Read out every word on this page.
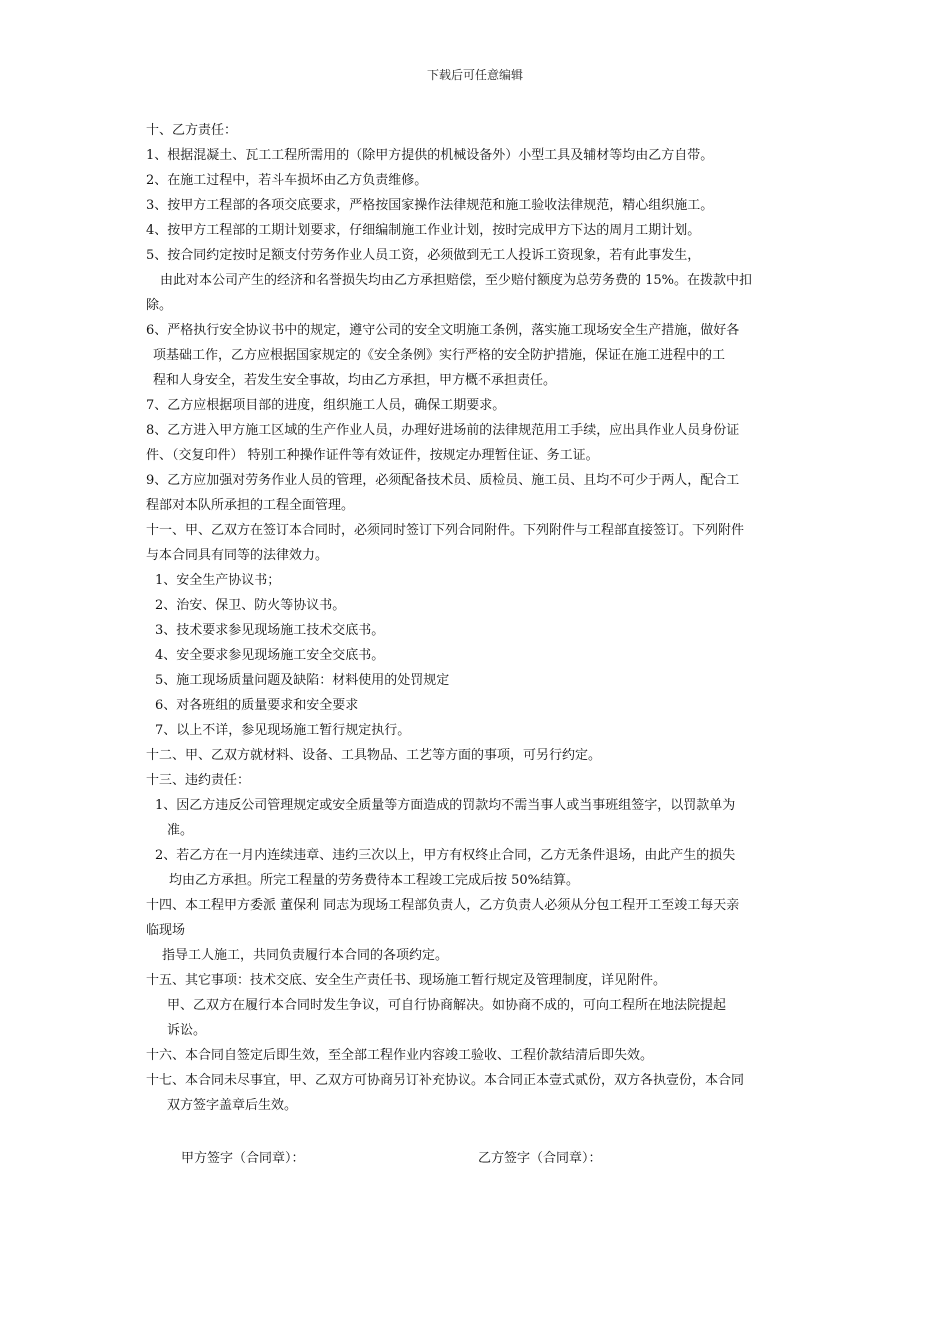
下载后可任意编辑
十、乙方责任：
1、根据混凝土、瓦工工程所需用的（除甲方提供的机械设备外）小型工具及辅材等均由乙方自带。
2、在施工过程中，若斗车损坏由乙方负责维修。
3、按甲方工程部的各项交底要求，严格按国家操作法律规范和施工验收法律规范，精心组织施工。
4、按甲方工程部的工期计划要求，仔细编制施工作业计划，按时完成甲方下达的周月工期计划。
5、按合同约定按时足额支付劳务作业人员工资，必须做到无工人投诉工资现象，若有此事发生，
由此对本公司产生的经济和名誉损失均由乙方承担赔偿，至少赔付额度为总劳务费的 15%。在拨款中扣
除。
6、严格执行安全协议书中的规定，遵守公司的安全文明施工条例，落实施工现场安全生产措施，做好各
项基础工作，乙方应根据国家规定的《安全条例》实行严格的安全防护措施，保证在施工进程中的工
程和人身安全，若发生安全事故，均由乙方承担，甲方概不承担责任。
7、乙方应根据项目部的进度，组织施工人员，确保工期要求。
8、乙方进入甲方施工区域的生产作业人员，办理好进场前的法律规范用工手续，应出具作业人员身份证
件、（交复印件） 特别工种操作证件等有效证件，按规定办理暂住证、务工证。
9、乙方应加强对劳务作业人员的管理，必须配备技术员、质检员、施工员、且均不可少于两人，配合工
程部对本队所承担的工程全面管理。
十一、甲、乙双方在签订本合同时，必须同时签订下列合同附件。下列附件与工程部直接签订。下列附件
与本合同具有同等的法律效力。
1、安全生产协议书；
2、治安、保卫、防火等协议书。
3、技术要求参见现场施工技术交底书。
4、安全要求参见现场施工安全交底书。
5、施工现场质量问题及缺陷：材料使用的处罚规定
6、对各班组的质量要求和安全要求
7、以上不详，参见现场施工暂行规定执行。
十二、甲、乙双方就材料、设备、工具物品、工艺等方面的事项，可另行约定。
十三、违约责任：
1、因乙方违反公司管理规定或安全质量等方面造成的罚款均不需当事人或当事班组签字，以罚款单为
准。
2、若乙方在一月内连续违章、违约三次以上，甲方有权终止合同，乙方无条件退场，由此产生的损失
均由乙方承担。所完工程量的劳务费待本工程竣工完成后按 50%结算。
十四、本工程甲方委派 董保利 同志为现场工程部负责人，乙方负责人必须从分包工程开工至竣工每天亲
临现场
指导工人施工，共同负责履行本合同的各项约定。
十五、其它事项：技术交底、安全生产责任书、现场施工暂行规定及管理制度，详见附件。
甲、乙双方在履行本合同时发生争议，可自行协商解决。如协商不成的，可向工程所在地法院提起
诉讼。
十六、本合同自签定后即生效，至全部工程作业内容竣工验收、工程价款结清后即失效。
十七、本合同未尽事宜，甲、乙双方可协商另订补充协议。本合同正本壹式贰份，双方各执壹份，本合同
双方签字盖章后生效。
甲方签字（合同章）：	乙方签字（合同章）：
